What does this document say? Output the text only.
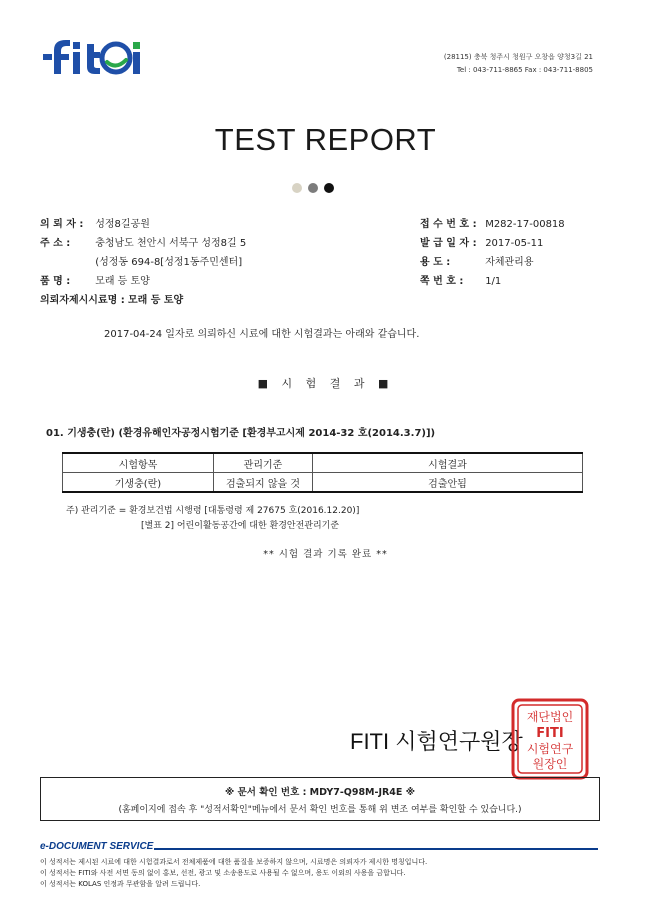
(28115) 충북 청주시 청원구 오창읍 양청3길 21
Tel : 043-711-8865 Fax : 043-711-8805
TEST REPORT
의 뢰 자 : 성정8길공원
주 소 : 충청남도 천안시 서북구 성정8길 5
(성정동 694-8[성정1동주민센터]
품 명 : 모래 등 토양
의뢰자제시시료명 : 모래 등 토양
접 수 번 호 : M282-17-00818
발 급 일 자 : 2017-05-11
용 도 :	자체관리용
쪽 번 호 : 1/1
2017-04-24 일자로 의뢰하신 시료에 대한 시험결과는 아래와 같습니다.
■ 시 험 결 과 ■
01. 기생충(란) (환경유해인자공정시험기준 [환경부고시제 2014-32 호(2014.3.7)])
시험항목	관리기준	시험결과
기생충(란)	검출되지 않을 것	검출안됨
주) 관리기준 = 환경보건법 시행령 [대통령령 제 27675 호(2016.12.20)]
[별표 2] 어린이활동공간에 대한 환경안전관리기준
** 시험 결과 기록 완료 **
FITI 시험연구원장
재단법인
FITI
시험연구
원장인
※ 문서 확인 번호 : MDY7-Q98M-JR4E ※
(홈페이지에 접속 후 "성적서확인"메뉴에서 문서 확인 번호를 통해 위 변조 여부를 확인할 수 있습니다.)
e-DOCUMENT SERVICE
이 성적서는 제시된 시료에 대한 시험결과로서 전체제품에 대한 품질을 보증하지 않으며, 시료명은 의뢰자가 제시한 명칭입니다.
이 성적서는 FITI와 사전 서면 동의 없이 홍보, 선전, 광고 및 소송용도로 사용될 수 없으며, 용도 이외의 사용을 금합니다.
이 성적서는 KOLAS 인정과 무관함을 알려 드립니다.
